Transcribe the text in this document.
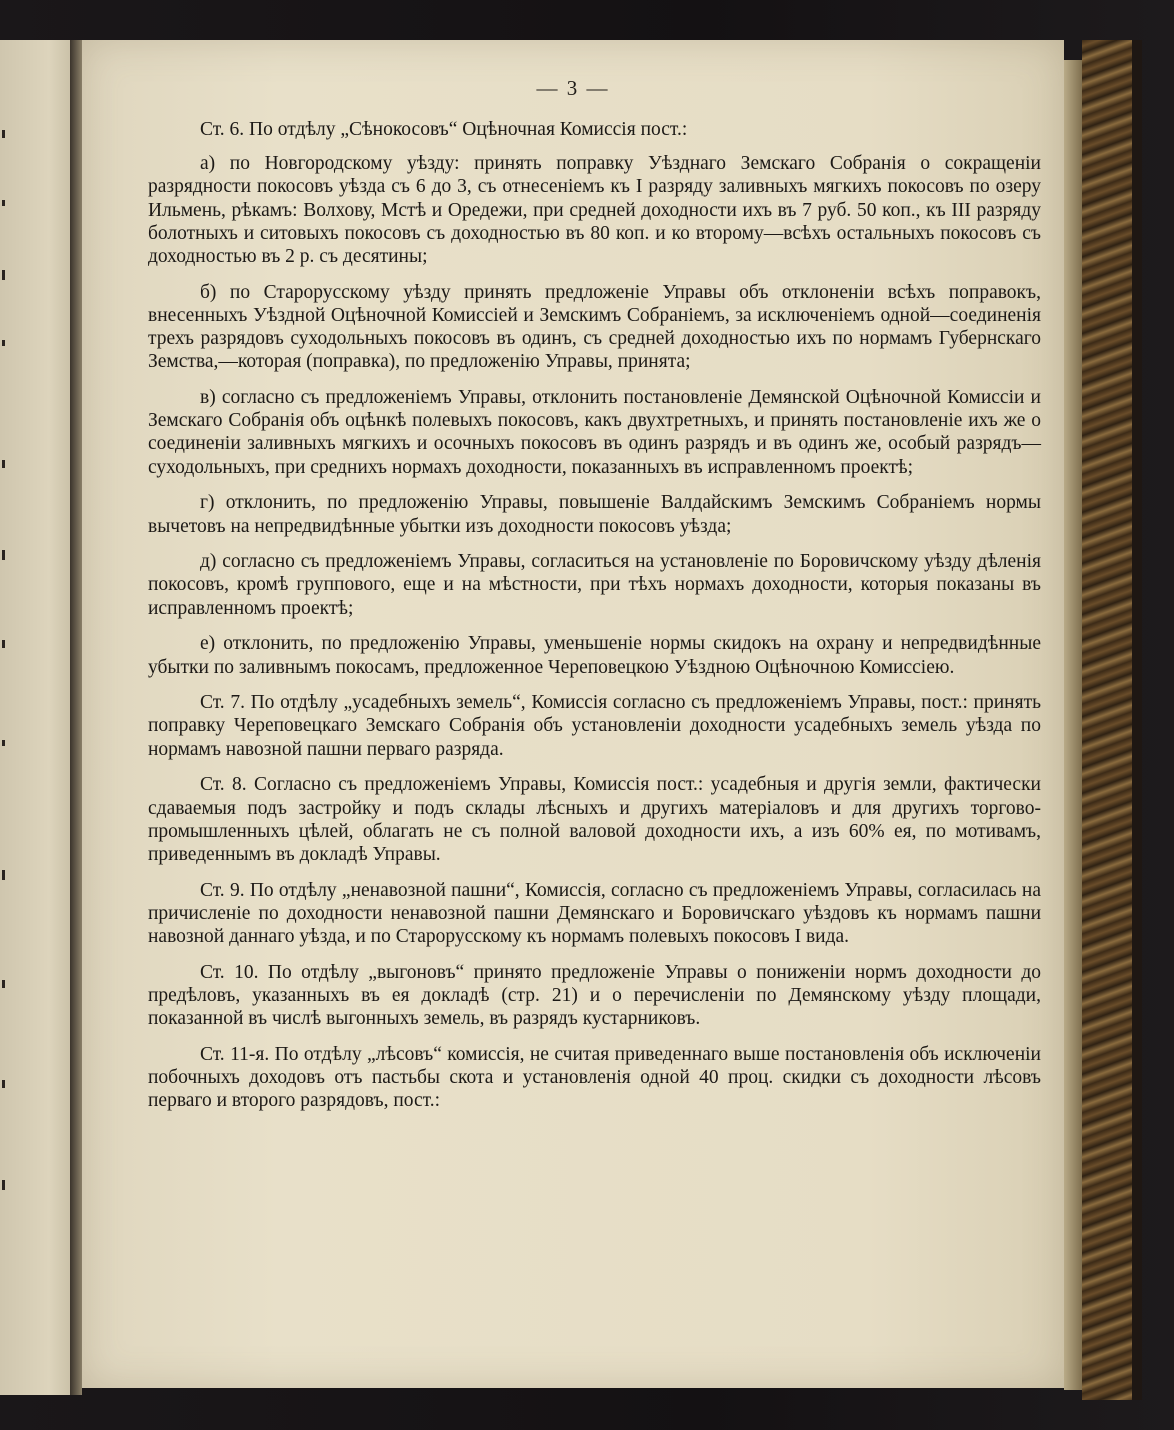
— 3 —

Ст. 6. По отдѣлу „Сѣнокосовъ“ Оцѣночная Комиссія пост.:

а) по Новгородскому уѣзду: принять поправку Уѣзднаго Земскаго Собранія о сокращеніи разрядности покосовъ уѣзда съ 6 до 3, съ отнесеніемъ къ I разряду заливныхъ мягкихъ покосовъ по озеру Ильмень, рѣкамъ: Волхову, Мстѣ и Оредежи, при средней доходности ихъ въ 7 руб. 50 коп., къ III разряду болотныхъ и ситовыхъ покосовъ съ доходностью въ 80 коп. и ко второму—всѣхъ остальныхъ покосовъ съ доходностью въ 2 р. съ десятины;

б) по Старорусскому уѣзду принять предложеніе Управы объ отклоненіи всѣхъ поправокъ, внесенныхъ Уѣздной Оцѣночной Комиссіей и Земскимъ Собраніемъ, за исключеніемъ одной—соединенія трехъ разрядовъ суходольныхъ покосовъ въ одинъ, съ средней доходностью ихъ по нормамъ Губернскаго Земства,—которая (поправка), по предложенію Управы, принята;

в) согласно съ предложеніемъ Управы, отклонить постановленіе Демянской Оцѣночной Комиссіи и Земскаго Собранія объ оцѣнкѣ полевыхъ покосовъ, какъ двухтретныхъ, и принять постановленіе ихъ же о соединеніи заливныхъ мягкихъ и осочныхъ покосовъ въ одинъ разрядъ и въ одинъ же, особый разрядъ—суходольныхъ, при среднихъ нормахъ доходности, показанныхъ въ исправленномъ проектѣ;

г) отклонить, по предложенію Управы, повышеніе Валдайскимъ Земскимъ Собраніемъ нормы вычетовъ на непредвидѣнные убытки изъ доходности покосовъ уѣзда;

д) согласно съ предложеніемъ Управы, согласиться на установленіе по Боровичскому уѣзду дѣленія покосовъ, кромѣ группового, еще и на мѣстности, при тѣхъ нормахъ доходности, которыя показаны въ исправленномъ проектѣ;

е) отклонить, по предложенію Управы, уменьшеніе нормы скидокъ на охрану и непредвидѣнные убытки по заливнымъ покосамъ, предложенное Череповецкою Уѣздною Оцѣночною Комиссіею.

Ст. 7. По отдѣлу „усадебныхъ земель“, Комиссія согласно съ предложеніемъ Управы, пост.: принять поправку Череповецкаго Земскаго Собранія объ установленіи доходности усадебныхъ земель уѣзда по нормамъ навозной пашни перваго разряда.

Ст. 8. Согласно съ предложеніемъ Управы, Комиссія пост.: усадебныя и другія земли, фактически сдаваемыя подъ застройку и подъ склады лѣсныхъ и другихъ матеріаловъ и для другихъ торгово-промышленныхъ цѣлей, облагать не съ полной валовой доходности ихъ, а изъ 60% ея, по мотивамъ, приведеннымъ въ докладѣ Управы.

Ст. 9. По отдѣлу „ненавозной пашни“, Комиссія, согласно съ предложеніемъ Управы, согласилась на причисленіе по доходности ненавозной пашни Демянскаго и Боровичскаго уѣздовъ къ нормамъ пашни навозной даннаго уѣзда, и по Старорусскому къ нормамъ полевыхъ покосовъ I вида.

Ст. 10. По отдѣлу „выгоновъ“ принято предложеніе Управы о пониженіи нормъ доходности до предѣловъ, указанныхъ въ ея докладѣ (стр. 21) и о перечисленіи по Демянскому уѣзду площади, показанной въ числѣ выгонныхъ земель, въ разрядъ кустарниковъ.

Ст. 11-я. По отдѣлу „лѣсовъ“ комиссія, не считая приведеннаго выше постановленія объ исключеніи побочныхъ доходовъ отъ пастьбы скота и установленія одной 40 проц. скидки съ доходности лѣсовъ перваго и второго разрядовъ, пост.:
